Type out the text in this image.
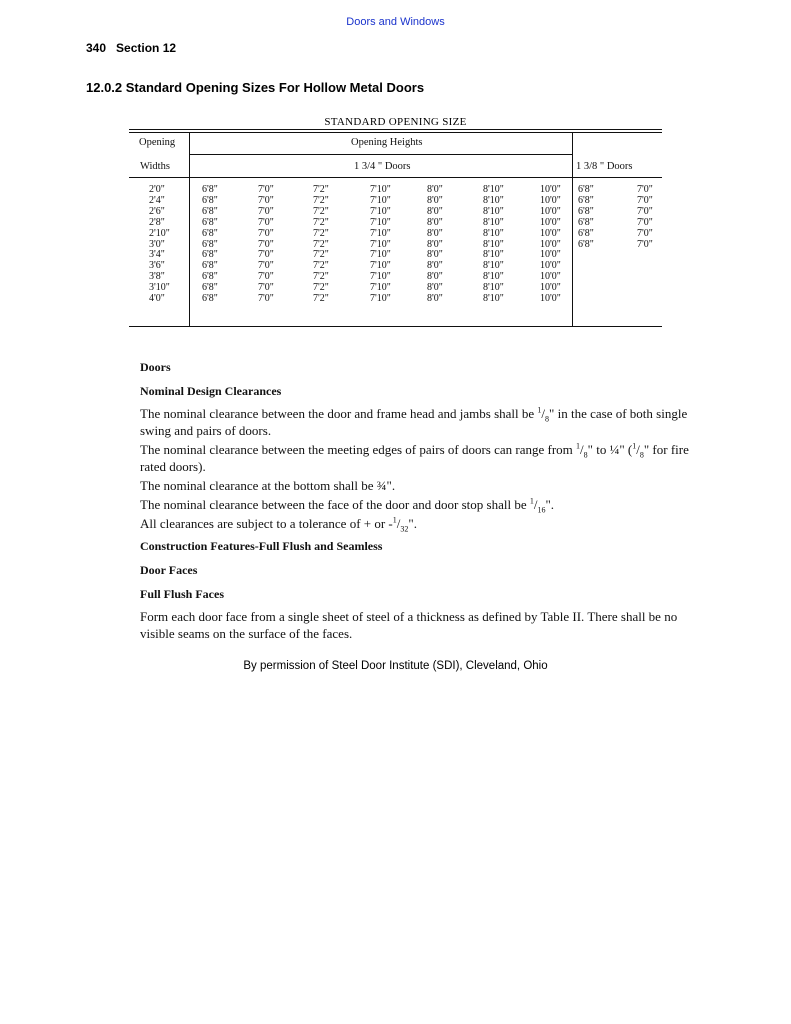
Doors and Windows
340 Section 12
12.0.2 Standard Opening Sizes For Hollow Metal Doors
STANDARD OPENING SIZE
Opening
Widths
Opening Heights
1 3/4 " Doors	1 3/8 " Doors
2'0"	6'8"	7'0"	7'2"	7'10"	8'0"	8'10"	10'0" 6'8"	7'0"
2'4"	6'8"	7'0"	7'2"	7'10"	8'0"	8'10"	10'0" 6'8"	7'0"
2'6"	6'8"	7'0"	7'2"	7'10"	8'0"	8'10"	10'0" 6'8"	7'0"
2'8"	6'8"	7'0"	7'2"	7'10"	8'0"	8'10"	10'0" 6'8"	7'0"
2'10"	6'8"	7'0"	7'2"	7'10"	8'0"	8'10"	10'0" 6'8"	7'0"
3'0"	6'8"	7'0"	7'2"	7'10"	8'0"	8'10"	10'0" 6'8"	7'0"
3'4"	6'8"	7'0"	7'2"	7'10"	8'0"	8'10"	10'0"
3'6"	6'8"	7'0"	7'2"	7'10"	8'0"	8'10"	10'0"
3'8"	6'8"	7'0"	7'2"	7'10"	8'0"	8'10"	10'0"
3'10"	6'8"	7'0"	7'2"	7'10"	8'0"	8'10"	10'0"
4'0"	6'8"	7'0"	7'2"	7'10"	8'0"	8'10"	10'0"

Doors

Nominal Design Clearances

The nominal clearance between the door and frame head and jambs shall be $^1/_8$" in the case of both single swing and pairs of doors.

The nominal clearance between the meeting edges of pairs of doors can range from $^1/_8$" to ¼" ($^1/_8$" for fire rated doors).

The nominal clearance at the bottom shall be ¾".

The nominal clearance between the face of the door and door stop shall be $^1/_{16}$".

All clearances are subject to a tolerance of + or $-^1/_{32}$".

Construction Features-Full Flush and Seamless

Door Faces

Full Flush Faces

Form each door face from a single sheet of steel of a thickness as defined by Table II. There shall be no visible seams on the surface of the faces.

By permission of Steel Door Institute (SDI), Cleveland, Ohio
